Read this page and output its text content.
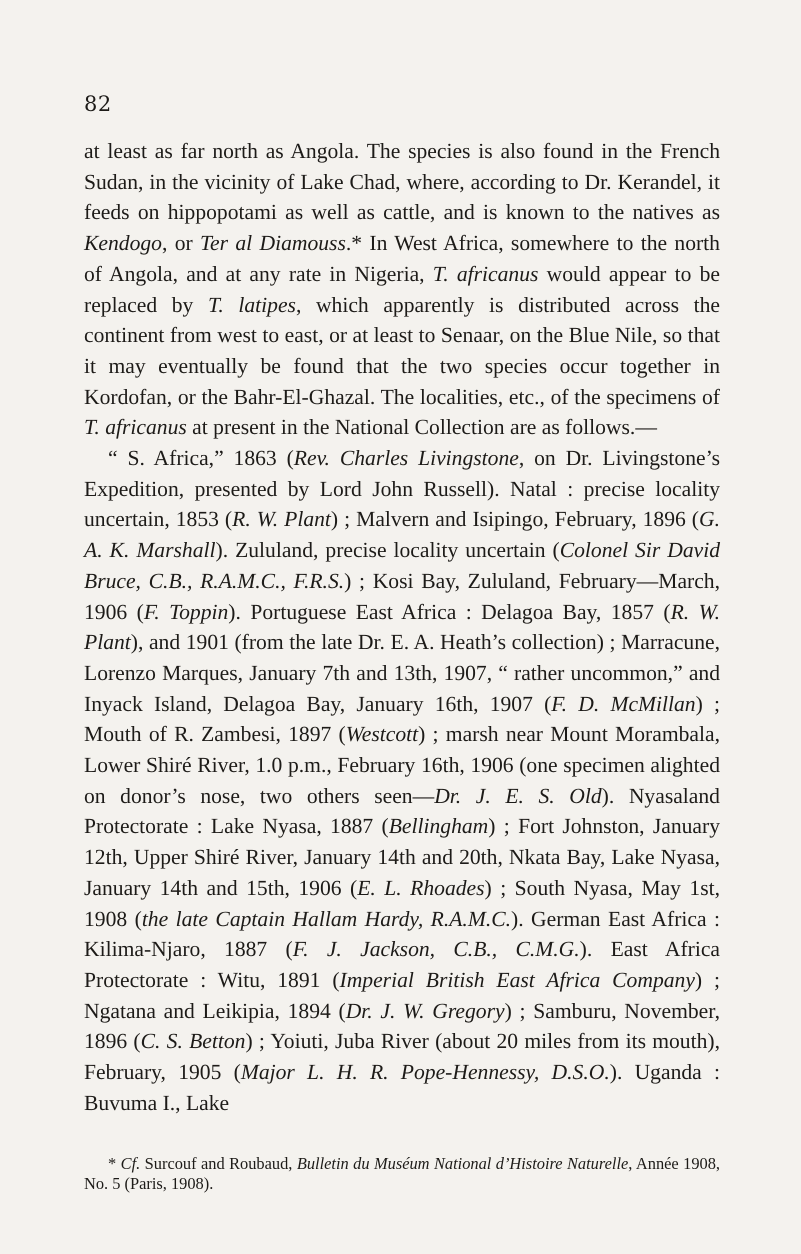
82

at least as far north as Angola. The species is also found in the French Sudan, in the vicinity of Lake Chad, where, according to Dr. Kerandel, it feeds on hippopotami as well as cattle, and is known to the natives as Kendogo, or Ter al Diamouss.* In West Africa, somewhere to the north of Angola, and at any rate in Nigeria, T. africanus would appear to be replaced by T. latipes, which apparently is distributed across the continent from west to east, or at least to Senaar, on the Blue Nile, so that it may eventually be found that the two species occur together in Kordofan, or the Bahr-El-Ghazal. The localities, etc., of the specimens of T. africanus at present in the National Collection are as follows.—

“ S. Africa,” 1863 (Rev. Charles Livingstone, on Dr. Livingstone’s Expedition, presented by Lord John Russell). Natal : precise locality uncertain, 1853 (R. W. Plant) ; Malvern and Isipingo, February, 1896 (G. A. K. Marshall). Zululand, precise locality uncertain (Colonel Sir David Bruce, C.B., R.A.M.C., F.R.S.) ; Kosi Bay, Zululand, February—March, 1906 (F. Toppin). Portuguese East Africa : Delagoa Bay, 1857 (R. W. Plant), and 1901 (from the late Dr. E. A. Heath’s collection) ; Marracune, Lorenzo Marques, January 7th and 13th, 1907, “ rather uncommon,” and Inyack Island, Delagoa Bay, January 16th, 1907 (F. D. McMillan) ; Mouth of R. Zambesi, 1897 (Westcott) ; marsh near Mount Morambala, Lower Shiré River, 1.0 p.m., February 16th, 1906 (one specimen alighted on donor’s nose, two others seen—Dr. J. E. S. Old). Nyasaland Protectorate : Lake Nyasa, 1887 (Bellingham) ; Fort Johnston, January 12th, Upper Shiré River, January 14th and 20th, Nkata Bay, Lake Nyasa, January 14th and 15th, 1906 (E. L. Rhoades) ; South Nyasa, May 1st, 1908 (the late Captain Hallam Hardy, R.A.M.C.). German East Africa : Kilima-Njaro, 1887 (F. J. Jackson, C.B., C.M.G.). East Africa Protectorate : Witu, 1891 (Imperial British East Africa Company) ; Ngatana and Leikipia, 1894 (Dr. J. W. Gregory) ; Samburu, November, 1896 (C. S. Betton) ; Yoiuti, Juba River (about 20 miles from its mouth), February, 1905 (Major L. H. R. Pope-Hennessy, D.S.O.). Uganda : Buvuma I., Lake

* Cf. Surcouf and Roubaud, Bulletin du Muséum National d’Histoire Naturelle, Année 1908, No. 5 (Paris, 1908).
